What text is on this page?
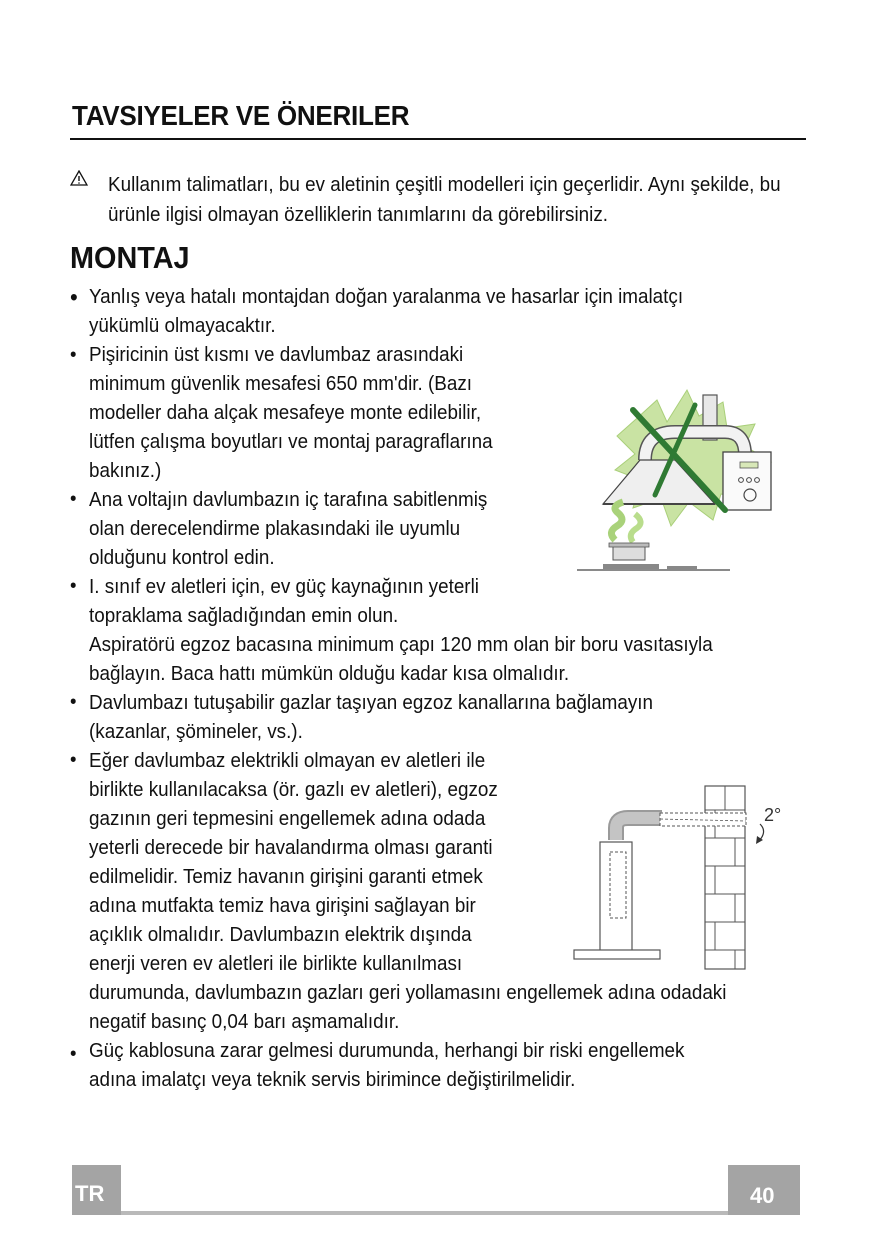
TAVSIYELER VE ÖNERILER
Kullanım talimatları, bu ev aletinin çeşitli modelleri için geçerlidir. Aynı şekilde, bu ürünle ilgisi olmayan özelliklerin tanımlarını da görebilirsiniz.
MONTAJ
•
•
•
•
•
•
•
Yanlış veya hatalı montajdan doğan yaralanma ve hasarlar için imalatçı
yükümlü olmayacaktır.
Pişiricinin üst kısmı ve davlumbaz arasındaki
minimum güvenlik mesafesi 650 mm'dir. (Bazı
modeller daha alçak mesafeye monte edilebilir,
lütfen çalışma boyutları ve montaj paragraflarına
bakınız.)
Ana voltajın davlumbazın iç tarafına sabitlenmiş
olan derecelendirme plakasındaki ile uyumlu
olduğunu kontrol edin.
I. sınıf ev aletleri için, ev güç kaynağının yeterli
topraklama sağladığından emin olun.
Aspiratörü egzoz bacasına minimum çapı 120 mm olan bir boru vasıtasıyla
bağlayın. Baca hattı mümkün olduğu kadar kısa olmalıdır.
Davlumbazı tutuşabilir gazlar taşıyan egzoz kanallarına bağlamayın
(kazanlar, şömineler, vs.).
Eğer davlumbaz elektrikli olmayan ev aletleri ile
birlikte kullanılacaksa (ör. gazlı ev aletleri), egzoz
gazının geri tepmesini engellemek adına odada
yeterli derecede bir havalandırma olması garanti
edilmelidir. Temiz havanın girişini garanti etmek
adına mutfakta temiz hava girişini sağlayan bir
açıklık olmalıdır. Davlumbazın elektrik dışında
enerji veren ev aletleri ile birlikte kullanılması
durumunda, davlumbazın gazları geri yollamasını engellemek adına odadaki
negatif basınç 0,04 barı aşmamalıdır.
Güç kablosuna zarar gelmesi durumunda, herhangi bir riski engellemek
adına imalatçı veya teknik servis birimince değiştirilmelidir.
2°
TR	40
